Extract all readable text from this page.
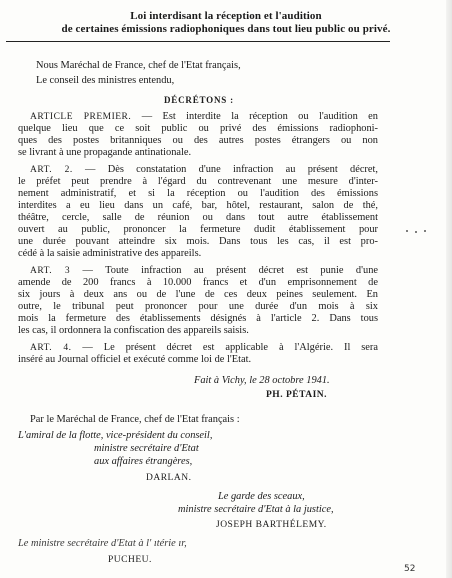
Loi interdisant la réception et l'audition
de certaines émissions radiophoniques dans tout lieu public ou privé.

Nous Maréchal de France, chef de l'Etat français,

Le conseil des ministres entendu,

DÉCRÉTONS :

ARTICLE PREMIER. — Est interdite la réception ou l'audition en

quelque lieu que ce soit public ou privé des émissions radiophoni-

ques des postes britanniques ou des autres postes étrangers ou non

se livrant à une propagande antinationale.

ART. 2. — Dès constatation d'une infraction au présent décret,

le préfet peut prendre à l'égard du contrevenant une mesure d'inter-

nement administratif, et si la réception ou l'audition des émissions

interdites a eu lieu dans un café, bar, hôtel, restaurant, salon de thé,

théâtre, cercle, salle de réunion ou dans tout autre établissement

ouvert au public, prononcer la fermeture dudit établissement pour

une durée pouvant atteindre six mois. Dans tous les cas, il est pro-

cédé à la saisie administrative des appareils.

ART. 3 — Toute infraction au présent décret est punie d'une

amende de 200 francs à 10.000 francs et d'un emprisonnement de

six jours à deux ans ou de l'une de ces deux peines seulement. En

outre, le tribunal peut prononcer pour une durée d'un mois à six

mois la fermeture des établissements désignés à l'article 2. Dans tous

les cas, il ordonnera la confiscation des appareils saisis.

ART. 4. — Le présent décret est applicable à l'Algérie. Il sera

inséré au Journal officiel et exécuté comme loi de l'Etat.

Fait à Vichy, le 28 octobre 1941.

PH. PÉTAIN.

Par le Maréchal de France, chef de l'Etat français :

L'amiral de la flotte, vice-président du conseil,

ministre secrétaire d'Etat

aux affaires étrangères,

DARLAN.

Le garde des sceaux,

ministre secrétaire d'Etat à la justice,

JOSEPH BARTHÉLEMY.

Le ministre secrétaire d'Etat à l' ıtérie ır,

PUCHEU.

52
